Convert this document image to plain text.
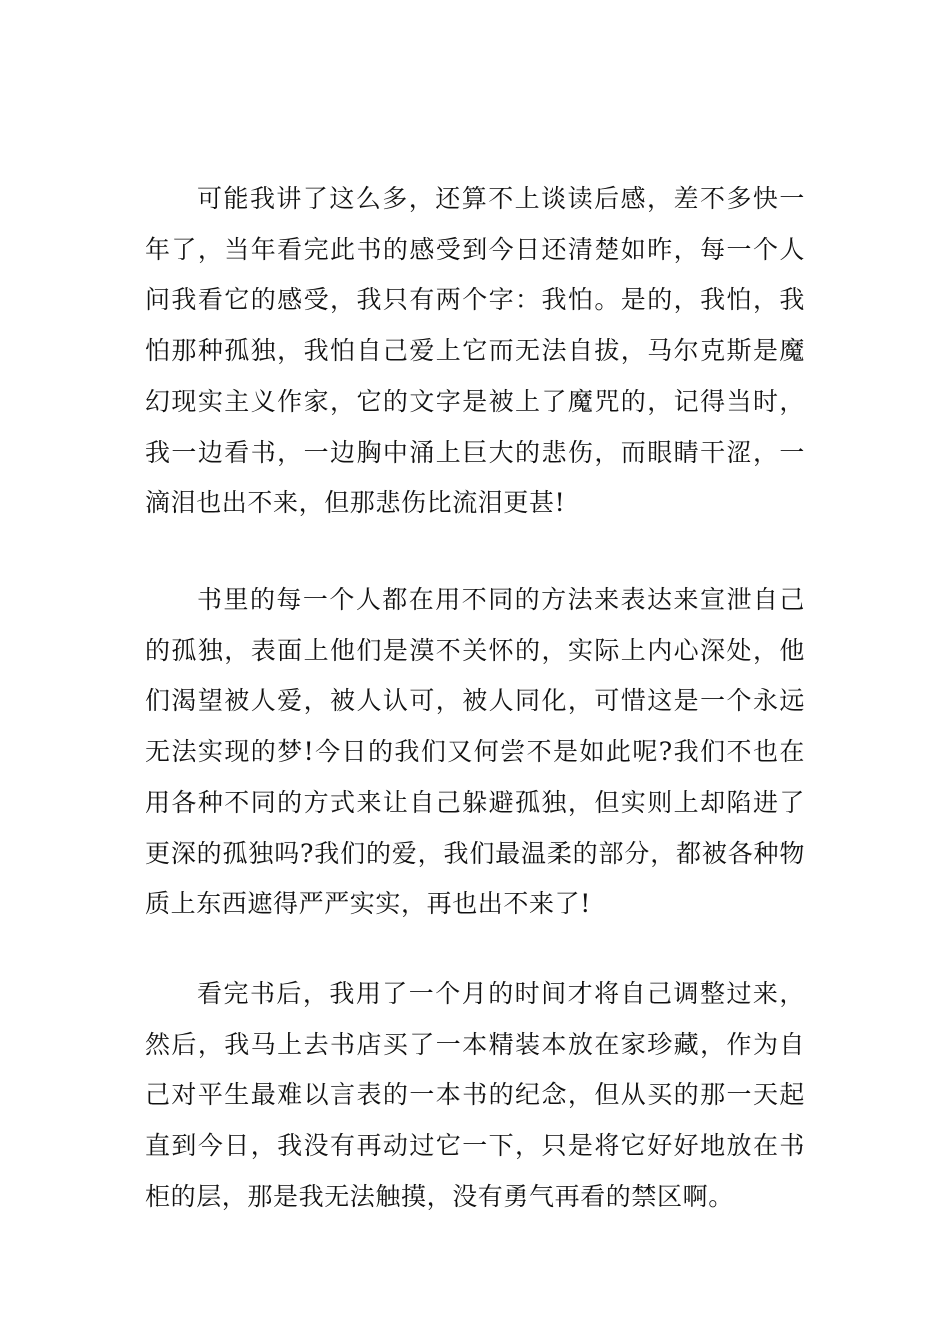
可能我讲了这么多，还算不上谈读后感，差不多快一年了，当年看完此书的感受到今日还清楚如昨，每一个人问我看它的感受，我只有两个字：我怕。是的，我怕，我怕那种孤独，我怕自己爱上它而无法自拔，马尔克斯是魔幻现实主义作家，它的文字是被上了魔咒的，记得当时，我一边看书，一边胸中涌上巨大的悲伤，而眼睛干涩，一滴泪也出不来，但那悲伤比流泪更甚!

书里的每一个人都在用不同的方法来表达来宣泄自己的孤独，表面上他们是漠不关怀的，实际上内心深处，他们渴望被人爱，被人认可，被人同化，可惜这是一个永远无法实现的梦!今日的我们又何尝不是如此呢?我们不也在用各种不同的方式来让自己躲避孤独，但实则上却陷进了更深的孤独吗?我们的爱，我们最温柔的部分，都被各种物质上东西遮得严严实实，再也出不来了!

看完书后，我用了一个月的时间才将自己调整过来，然后，我马上去书店买了一本精装本放在家珍藏，作为自己对平生最难以言表的一本书的纪念，但从买的那一天起直到今日，我没有再动过它一下，只是将它好好地放在书柜的层，那是我无法触摸，没有勇气再看的禁区啊。
